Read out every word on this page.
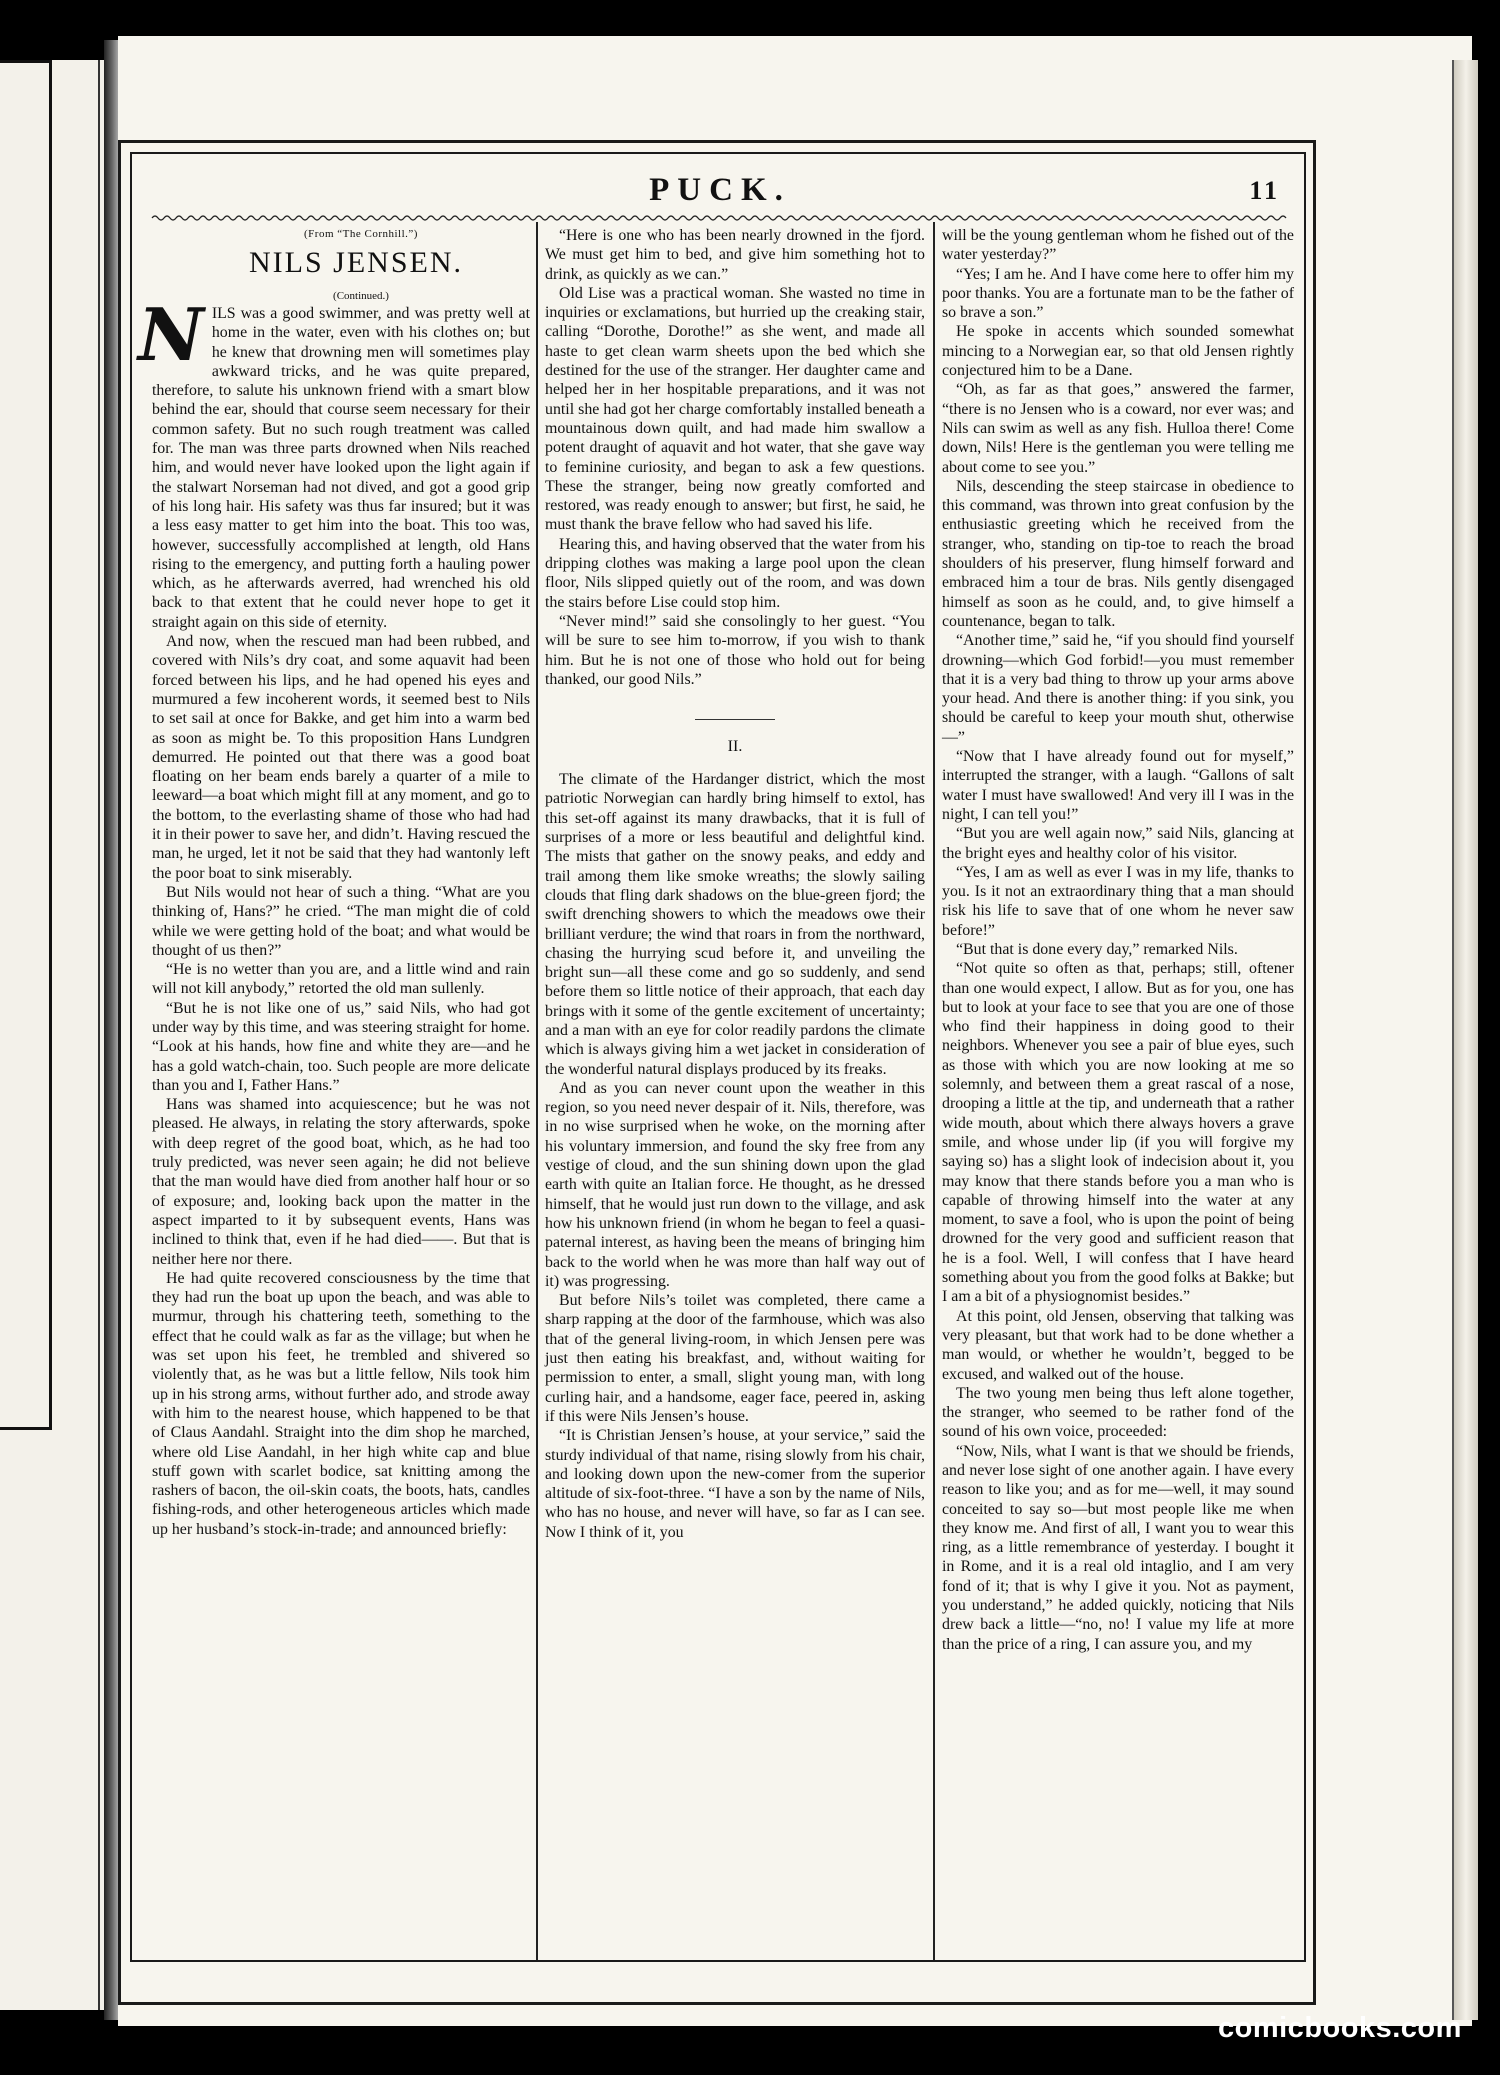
PUCK.	11
(From “The Cornhill.”)
NILS JENSEN.
(Continued.)
N ILS was a good swimmer, and was pretty well at home in the water, even with his clothes on; but he knew that drowning men will sometimes play awkward tricks, and he was quite prepared, therefore, to salute his unknown friend with a smart blow behind the ear, should that course seem necessary for their common safety. But no such rough treatment was called for. The man was three parts drowned when Nils reached him, and would never have looked upon the light again if the stalwart Norseman had not dived, and got a good grip of his long hair. His safety was thus far insured; but it was a less easy matter to get him into the boat. This too was, however, successfully accomplished at length, old Hans rising to the emergency, and putting forth a hauling power which, as he afterwards averred, had wrenched his old back to that extent that he could never hope to get it straight again on this side of eternity.

And now, when the rescued man had been rubbed, and covered with Nils’s dry coat, and some aquavit had been forced between his lips, and he had opened his eyes and murmured a few incoherent words, it seemed best to Nils to set sail at once for Bakke, and get him into a warm bed as soon as might be. To this proposition Hans Lundgren demurred. He pointed out that there was a good boat floating on her beam ends barely a quarter of a mile to leeward—a boat which might fill at any moment, and go to the bottom, to the everlasting shame of those who had had it in their power to save her, and didn’t. Having rescued the man, he urged, let it not be said that they had wantonly left the poor boat to sink miserably.

But Nils would not hear of such a thing. “What are you thinking of, Hans?” he cried. “The man might die of cold while we were getting hold of the boat; and what would be thought of us then?”

“He is no wetter than you are, and a little wind and rain will not kill anybody,” retorted the old man sullenly.

“But he is not like one of us,” said Nils, who had got under way by this time, and was steering straight for home. “Look at his hands, how fine and white they are—and he has a gold watch-chain, too. Such people are more delicate than you and I, Father Hans.”

Hans was shamed into acquiescence; but he was not pleased. He always, in relating the story afterwards, spoke with deep regret of the good boat, which, as he had too truly predicted, was never seen again; he did not believe that the man would have died from another half hour or so of exposure; and, looking back upon the matter in the aspect imparted to it by subsequent events, Hans was inclined to think that, even if he had died——. But that is neither here nor there.

He had quite recovered consciousness by the time that they had run the boat up upon the beach, and was able to murmur, through his chattering teeth, something to the effect that he could walk as far as the village; but when he was set upon his feet, he trembled and shivered so violently that, as he was but a little fellow, Nils took him up in his strong arms, without further ado, and strode away with him to the nearest house, which happened to be that of Claus Aandahl. Straight into the dim shop he marched, where old Lise Aandahl, in her high white cap and blue stuff gown with scarlet bodice, sat knitting among the rashers of bacon, the oil-skin coats, the boots, hats, candles fishing-rods, and other heterogeneous articles which made up her husband’s stock-in-trade; and announced briefly:

“Here is one who has been nearly drowned in the fjord. We must get him to bed, and give him something hot to drink, as quickly as we can.”

Old Lise was a practical woman. She wasted no time in inquiries or exclamations, but hurried up the creaking stair, calling “Dorothe, Dorothe!” as she went, and made all haste to get clean warm sheets upon the bed which she destined for the use of the stranger. Her daughter came and helped her in her hospitable preparations, and it was not until she had got her charge comfortably installed beneath a mountainous down quilt, and had made him swallow a potent draught of aquavit and hot water, that she gave way to feminine curiosity, and began to ask a few questions. These the stranger, being now greatly comforted and restored, was ready enough to answer; but first, he said, he must thank the brave fellow who had saved his life.

Hearing this, and having observed that the water from his dripping clothes was making a large pool upon the clean floor, Nils slipped quietly out of the room, and was down the stairs before Lise could stop him.

“Never mind!” said she consolingly to her guest. “You will be sure to see him to-morrow, if you wish to thank him. But he is not one of those who hold out for being thanked, our good Nils.”

II.

The climate of the Hardanger district, which the most patriotic Norwegian can hardly bring himself to extol, has this set-off against its many drawbacks, that it is full of surprises of a more or less beautiful and delightful kind. The mists that gather on the snowy peaks, and eddy and trail among them like smoke wreaths; the slowly sailing clouds that fling dark shadows on the blue-green fjord; the swift drenching showers to which the meadows owe their brilliant verdure; the wind that roars in from the northward, chasing the hurrying scud before it, and unveiling the bright sun—all these come and go so suddenly, and send before them so little notice of their approach, that each day brings with it some of the gentle excitement of uncertainty; and a man with an eye for color readily pardons the climate which is always giving him a wet jacket in consideration of the wonderful natural displays produced by its freaks.

And as you can never count upon the weather in this region, so you need never despair of it. Nils, therefore, was in no wise surprised when he woke, on the morning after his voluntary immersion, and found the sky free from any vestige of cloud, and the sun shining down upon the glad earth with quite an Italian force. He thought, as he dressed himself, that he would just run down to the village, and ask how his unknown friend (in whom he began to feel a quasi-paternal interest, as having been the means of bringing him back to the world when he was more than half way out of it) was progressing.

But before Nils’s toilet was completed, there came a sharp rapping at the door of the farmhouse, which was also that of the general living-room, in which Jensen pere was just then eating his breakfast, and, without waiting for permission to enter, a small, slight young man, with long curling hair, and a handsome, eager face, peered in, asking if this were Nils Jensen’s house.

“It is Christian Jensen’s house, at your service,” said the sturdy individual of that name, rising slowly from his chair, and looking down upon the new-comer from the superior altitude of six-foot-three. “I have a son by the name of Nils, who has no house, and never will have, so far as I can see. Now I think of it, you

will be the young gentleman whom he fished out of the water yesterday?”

“Yes; I am he. And I have come here to offer him my poor thanks. You are a fortunate man to be the father of so brave a son.”

He spoke in accents which sounded somewhat mincing to a Norwegian ear, so that old Jensen rightly conjectured him to be a Dane.

“Oh, as far as that goes,” answered the farmer, “there is no Jensen who is a coward, nor ever was; and Nils can swim as well as any fish. Hulloa there! Come down, Nils! Here is the gentleman you were telling me about come to see you.”

Nils, descending the steep staircase in obedience to this command, was thrown into great confusion by the enthusiastic greeting which he received from the stranger, who, standing on tip-toe to reach the broad shoulders of his preserver, flung himself forward and embraced him a tour de bras. Nils gently disengaged himself as soon as he could, and, to give himself a countenance, began to talk.

“Another time,” said he, “if you should find yourself drowning—which God forbid!—you must remember that it is a very bad thing to throw up your arms above your head. And there is another thing: if you sink, you should be careful to keep your mouth shut, otherwise—”

“Now that I have already found out for myself,” interrupted the stranger, with a laugh. “Gallons of salt water I must have swallowed! And very ill I was in the night, I can tell you!”

“But you are well again now,” said Nils, glancing at the bright eyes and healthy color of his visitor.

“Yes, I am as well as ever I was in my life, thanks to you. Is it not an extraordinary thing that a man should risk his life to save that of one whom he never saw before!”

“But that is done every day,” remarked Nils.

“Not quite so often as that, perhaps; still, oftener than one would expect, I allow. But as for you, one has but to look at your face to see that you are one of those who find their happiness in doing good to their neighbors. Whenever you see a pair of blue eyes, such as those with which you are now looking at me so solemnly, and between them a great rascal of a nose, drooping a little at the tip, and underneath that a rather wide mouth, about which there always hovers a grave smile, and whose under lip (if you will forgive my saying so) has a slight look of indecision about it, you may know that there stands before you a man who is capable of throwing himself into the water at any moment, to save a fool, who is upon the point of being drowned for the very good and sufficient reason that he is a fool. Well, I will confess that I have heard something about you from the good folks at Bakke; but I am a bit of a physiognomist besides.”

At this point, old Jensen, observing that talking was very pleasant, but that work had to be done whether a man would, or whether he wouldn’t, begged to be excused, and walked out of the house.

The two young men being thus left alone together, the stranger, who seemed to be rather fond of the sound of his own voice, proceeded:

“Now, Nils, what I want is that we should be friends, and never lose sight of one another again. I have every reason to like you; and as for me—well, it may sound conceited to say so—but most people like me when they know me. And first of all, I want you to wear this ring, as a little remembrance of yesterday. I bought it in Rome, and it is a real old intaglio, and I am very fond of it; that is why I give it you. Not as payment, you understand,” he added quickly, noticing that Nils drew back a little—“no, no! I value my life at more than the price of a ring, I can assure you, and my

comicbooks.com
